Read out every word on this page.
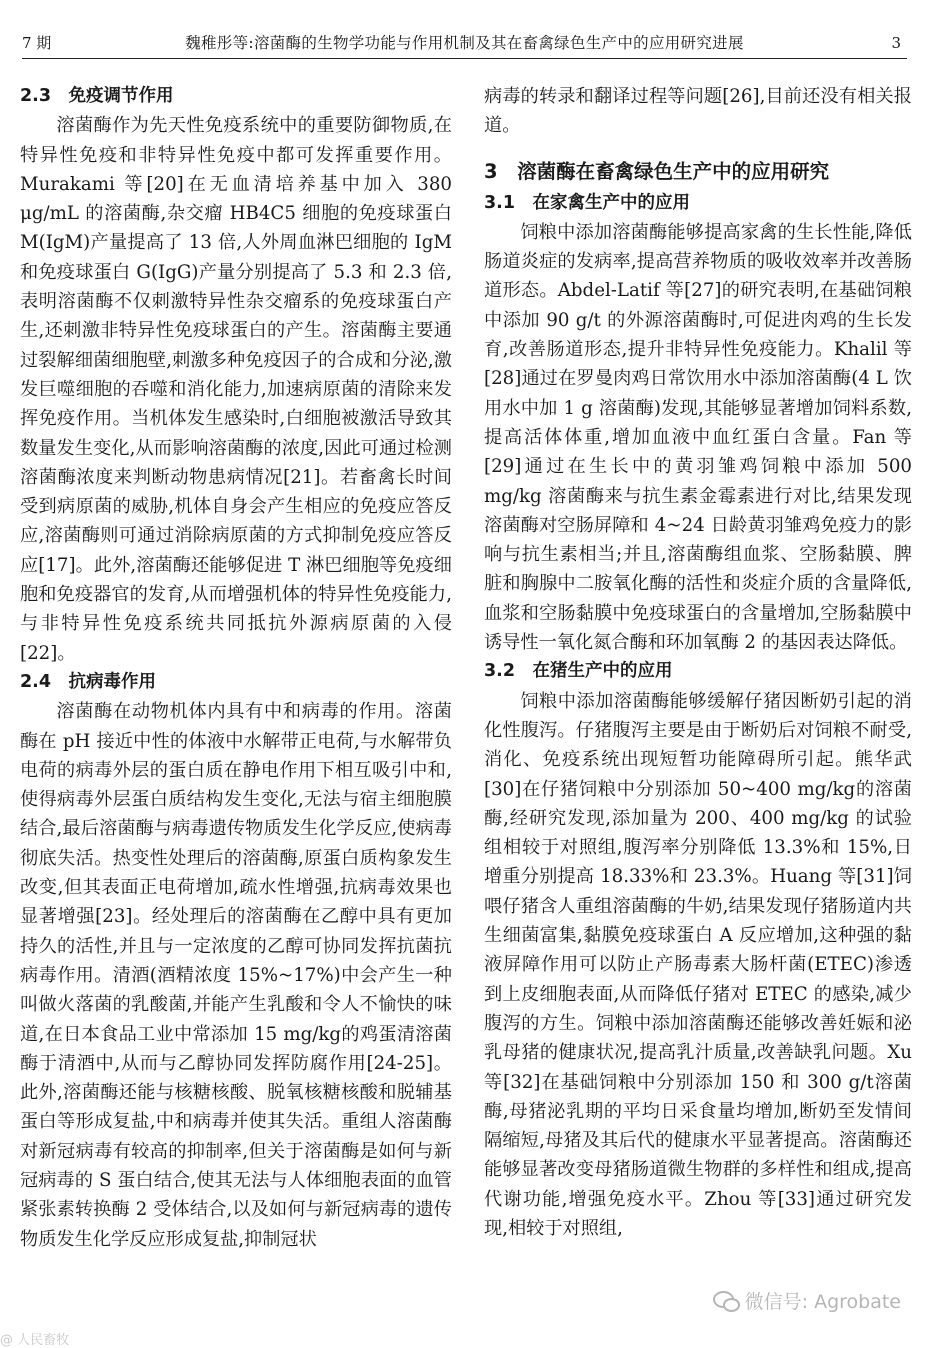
7 期	魏稚彤等:溶菌酶的生物学功能与作用机制及其在畜禽绿色生产中的应用研究进展	3
2.3　免疫调节作用

溶菌酶作为先天性免疫系统中的重要防御物质,在特异性免疫和非特异性免疫中都可发挥重要作用。Murakami 等[20]在无血清培养基中加入 380 μg/mL 的溶菌酶,杂交瘤 HB4C5 细胞的免疫球蛋白 M(IgM)产量提高了 13 倍,人外周血淋巴细胞的 IgM 和免疫球蛋白 G(IgG)产量分别提高了 5.3 和 2.3 倍,表明溶菌酶不仅刺激特异性杂交瘤系的免疫球蛋白产生,还刺激非特异性免疫球蛋白的产生。溶菌酶主要通过裂解细菌细胞壁,刺激多种免疫因子的合成和分泌,激发巨噬细胞的吞噬和消化能力,加速病原菌的清除来发挥免疫作用。当机体发生感染时,白细胞被激活导致其数量发生变化,从而影响溶菌酶的浓度,因此可通过检测溶菌酶浓度来判断动物患病情况[21]。若畜禽长时间受到病原菌的威胁,机体自身会产生相应的免疫应答反应,溶菌酶则可通过消除病原菌的方式抑制免疫应答反应[17]。此外,溶菌酶还能够促进 T 淋巴细胞等免疫细胞和免疫器官的发育,从而增强机体的特异性免疫能力,与非特异性免疫系统共同抵抗外源病原菌的入侵[22]。

2.4　抗病毒作用

溶菌酶在动物机体内具有中和病毒的作用。溶菌酶在 pH 接近中性的体液中水解带正电荷,与水解带负电荷的病毒外层的蛋白质在静电作用下相互吸引中和,使得病毒外层蛋白质结构发生变化,无法与宿主细胞膜结合,最后溶菌酶与病毒遗传物质发生化学反应,使病毒彻底失活。热变性处理后的溶菌酶,原蛋白质构象发生改变,但其表面正电荷增加,疏水性增强,抗病毒效果也显著增强[23]。经处理后的溶菌酶在乙醇中具有更加持久的活性,并且与一定浓度的乙醇可协同发挥抗菌抗病毒作用。清酒(酒精浓度 15%~17%)中会产生一种叫做火落菌的乳酸菌,并能产生乳酸和令人不愉快的味道,在日本食品工业中常添加 15 mg/kg的鸡蛋清溶菌酶于清酒中,从而与乙醇协同发挥防腐作用[24-25]。此外,溶菌酶还能与核糖核酸、脱氧核糖核酸和脱辅基蛋白等形成复盐,中和病毒并使其失活。重组人溶菌酶对新冠病毒有较高的抑制率,但关于溶菌酶是如何与新冠病毒的 S 蛋白结合,使其无法与人体细胞表面的血管紧张素转换酶 2 受体结合,以及如何与新冠病毒的遗传物质发生化学反应形成复盐,抑制冠状

病毒的转录和翻译过程等问题[26],目前还没有相关报道。

3　溶菌酶在畜禽绿色生产中的应用研究
3.1　在家禽生产中的应用

饲粮中添加溶菌酶能够提高家禽的生长性能,降低肠道炎症的发病率,提高营养物质的吸收效率并改善肠道形态。Abdel-Latif 等[27]的研究表明,在基础饲粮中添加 90 g/t 的外源溶菌酶时,可促进肉鸡的生长发育,改善肠道形态,提升非特异性免疫能力。Khalil 等[28]通过在罗曼肉鸡日常饮用水中添加溶菌酶(4 L 饮用水中加 1 g 溶菌酶)发现,其能够显著增加饲料系数,提高活体体重,增加血液中血红蛋白含量。Fan 等[29]通过在生长中的黄羽雏鸡饲粮中添加 500 mg/kg 溶菌酶来与抗生素金霉素进行对比,结果发现溶菌酶对空肠屏障和 4~24 日龄黄羽雏鸡免疫力的影响与抗生素相当;并且,溶菌酶组血浆、空肠黏膜、脾脏和胸腺中二胺氧化酶的活性和炎症介质的含量降低,血浆和空肠黏膜中免疫球蛋白的含量增加,空肠黏膜中诱导性一氧化氮合酶和环加氧酶 2 的基因表达降低。

3.2　在猪生产中的应用

饲粮中添加溶菌酶能够缓解仔猪因断奶引起的消化性腹泻。仔猪腹泻主要是由于断奶后对饲粮不耐受,消化、免疫系统出现短暂功能障碍所引起。熊华武[30]在仔猪饲粮中分别添加 50~400 mg/kg的溶菌酶,经研究发现,添加量为 200、400 mg/kg 的试验组相较于对照组,腹泻率分别降低 13.3%和 15%,日增重分别提高 18.33%和 23.3%。Huang 等[31]饲喂仔猪含人重组溶菌酶的牛奶,结果发现仔猪肠道内共生细菌富集,黏膜免疫球蛋白 A 反应增加,这种强的黏液屏障作用可以防止产肠毒素大肠杆菌(ETEC)渗透到上皮细胞表面,从而降低仔猪对 ETEC 的感染,减少腹泻的方生。饲粮中添加溶菌酶还能够改善妊娠和泌乳母猪的健康状况,提高乳汁质量,改善缺乳问题。Xu 等[32]在基础饲粮中分别添加 150 和 300 g/t溶菌酶,母猪泌乳期的平均日采食量均增加,断奶至发情间隔缩短,母猪及其后代的健康水平显著提高。溶菌酶还能够显著改变母猪肠道微生物群的多样性和组成,提高代谢功能,增强免疫水平。Zhou 等[33]通过研究发现,相较于对照组,

@ 人民畜牧
微信号: Agrobate
